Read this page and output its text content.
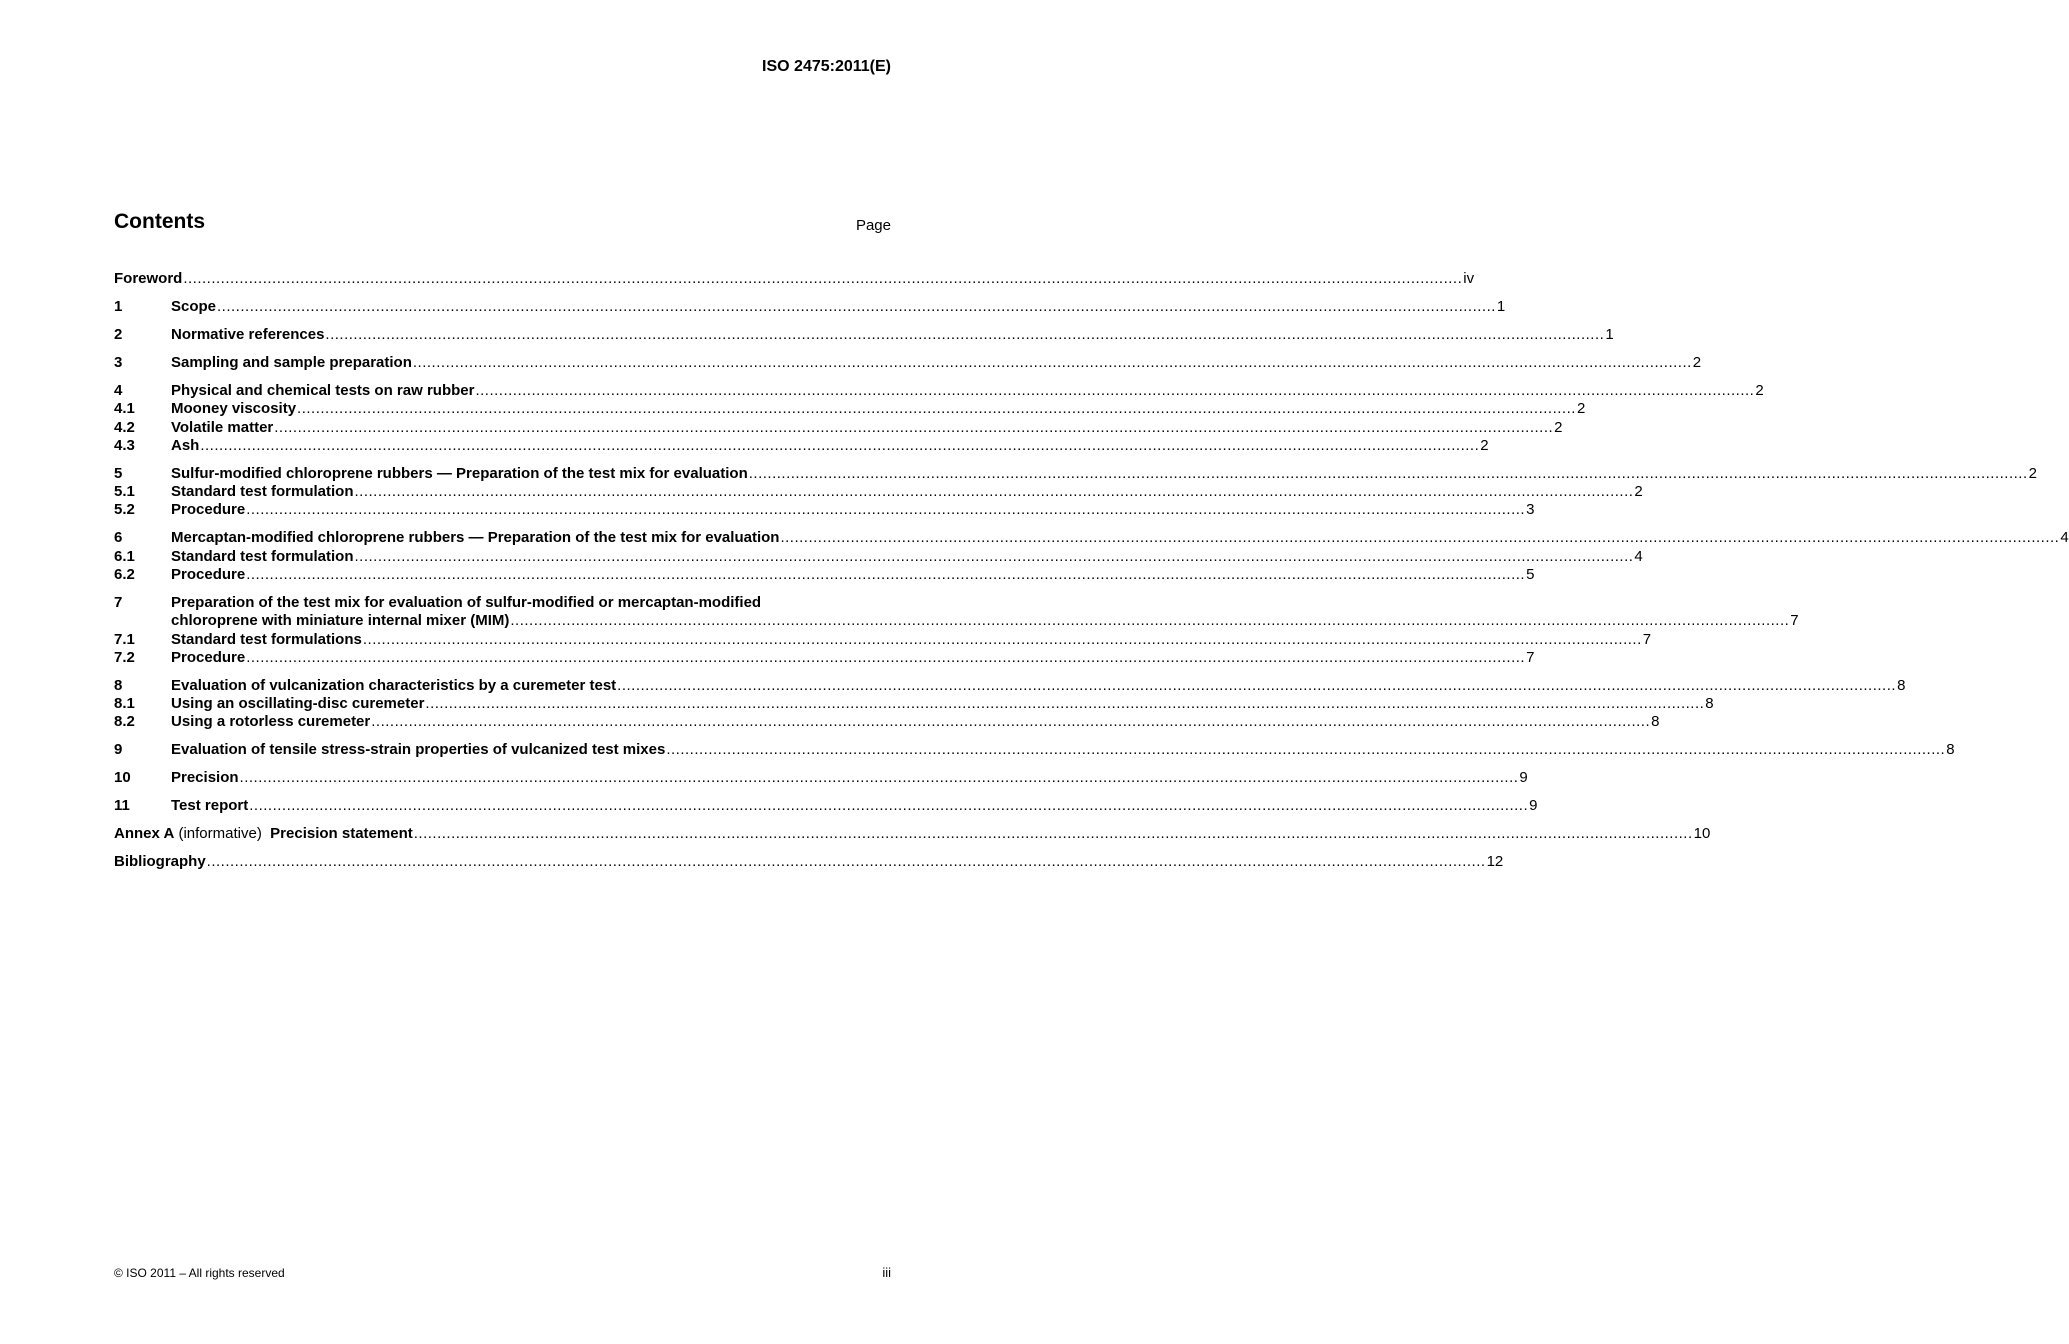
ISO 2475:2011(E)
Contents	Page
Foreword .....	iv
1	Scope .....	1
2	Normative references .....	1
3	Sampling and sample preparation .....	2
4	Physical and chemical tests on raw rubber .....	2
4.1	Mooney viscosity .....	2
4.2	Volatile matter .....	2
4.3	Ash .....	2
5	Sulfur-modified chloroprene rubbers — Preparation of the test mix for evaluation .....	2
5.1	Standard test formulation .....	2
5.2	Procedure .....	3
6	Mercaptan-modified chloroprene rubbers — Preparation of the test mix for evaluation .....	4
6.1	Standard test formulation .....	4
6.2	Procedure .....	5
7	Preparation of the test mix for evaluation of sulfur-modified or mercaptan-modified
chloroprene with miniature internal mixer (MIM) .....	7
7.1	Standard test formulations .....	7
7.2	Procedure .....	7
8	Evaluation of vulcanization characteristics by a curemeter test .....	8
8.1	Using an oscillating-disc curemeter .....	8
8.2	Using a rotorless curemeter .....	8
9	Evaluation of tensile stress-strain properties of vulcanized test mixes .....	8
10	Precision .....	9
11	Test report .....	9
Annex A (informative) Precision statement .....	10
Bibliography .....	12
© ISO 2011 – All rights reserved	iii
